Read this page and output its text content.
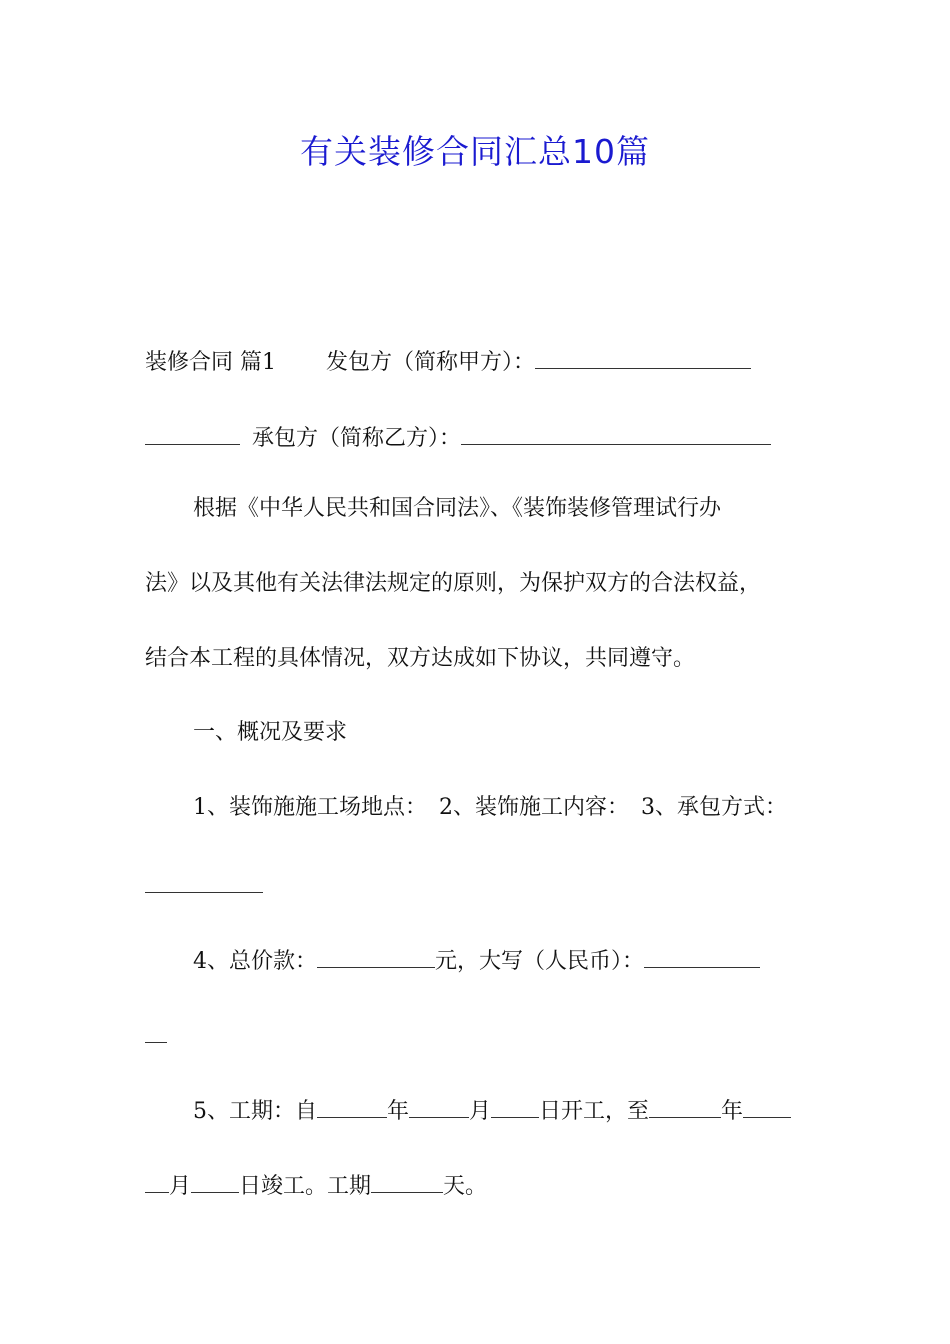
有关装修合同汇总10篇
装修合同 篇1 发包方（简称甲方）：
承包方（简称乙方）：
根据《中华人民共和国合同法》、《装饰装修管理试行办
法》以及其他有关法律法规定的原则，为保护双方的合法权益，
结合本工程的具体情况，双方达成如下协议，共同遵守。
一、概况及要求
1、装饰施施工场地点： 2、装饰施工内容： 3、承包方式：
4、总价款：	元，大写（人民币）：
5、工期：自	年	月 日开工，至	年
月 日竣工。工期	天。
